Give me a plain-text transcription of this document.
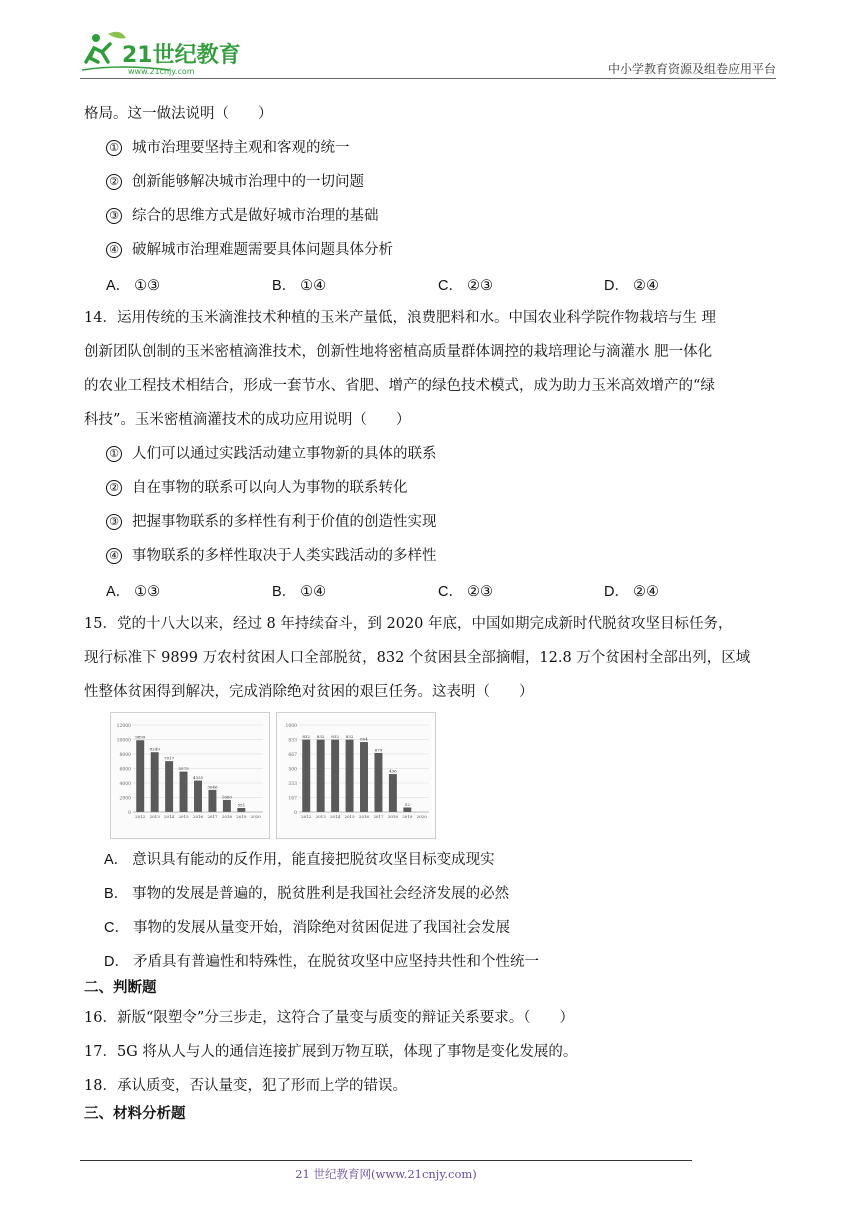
21世纪教育
www.21cnjy.com	中小学教育资源及组卷应用平台
格局。这一做法说明（　　）
① 城市治理要坚持主观和客观的统一
② 创新能够解决城市治理中的一切问题
③ 综合的思维方式是做好城市治理的基础
④ 破解城市治理难题需要具体问题具体分析
A． ①③	B． ①④	C． ②③	D． ②④
14．运用传统的玉米滴淮技术种植的玉米产量低，浪费肥料和水。中国农业科学院作物栽培与生 理
创新团队创制的玉米密植滴淮技术，创新性地将密植高质量群体调控的栽培理论与滴灌水 肥一体化
的农业工程技术相结合，形成一套节水、省肥、增产的绿色技术模式，成为助力玉米高效增产的“绿
科技”。玉米密植滴灌技术的成功应用说明（　　）
① 人们可以通过实践活动建立事物新的具体的联系
② 自在事物的联系可以向人为事物的联系转化
③ 把握事物联系的多样性有利于价值的创造性实现
④ 事物联系的多样性取决于人类实践活动的多样性
A． ①③	B． ①④	C． ②③	D． ②④
15．党的十八大以来，经过 8 年持续奋斗，到 2020 年底，中国如期完成新时代脱贫攻坚目标任务，
现行标准下 9899 万农村贫困人口全部脱贫，832 个贫困县全部摘帽，12.8 万个贫困村全部出列，区域
性整体贫困得到解决，完成消除绝对贫困的艰巨任务。这表明（　　）
0
2000
4000
6000
8000
10000
12000
9899
2012
8249
2013
7017
2014
5575
2015
4335
2016
3046
2017
1660
2018
551
2019 2020
0
167
333
500
667
833
1000
832
2012
832
2013
832
2014
832
2015
804
2016
679
2017
436
2018
52
2019 2020
A． 意识具有能动的反作用，能直接把脱贫攻坚目标变成现实
B． 事物的发展是普遍的，脱贫胜利是我国社会经济发展的必然
C． 事物的发展从量变开始，消除绝对贫困促进了我国社会发展
D． 矛盾具有普遍性和特殊性，在脱贫攻坚中应坚持共性和个性统一
二、判断题
16．新版“限塑令”分三步走，这符合了量变与质变的辩证关系要求。（　　）
17．5G 将从人与人的通信连接扩展到万物互联，体现了事物是变化发展的。
18．承认质变，否认量变，犯了形而上学的错误。
三、材料分析题
21 世纪教育网(www.21cnjy.com)
